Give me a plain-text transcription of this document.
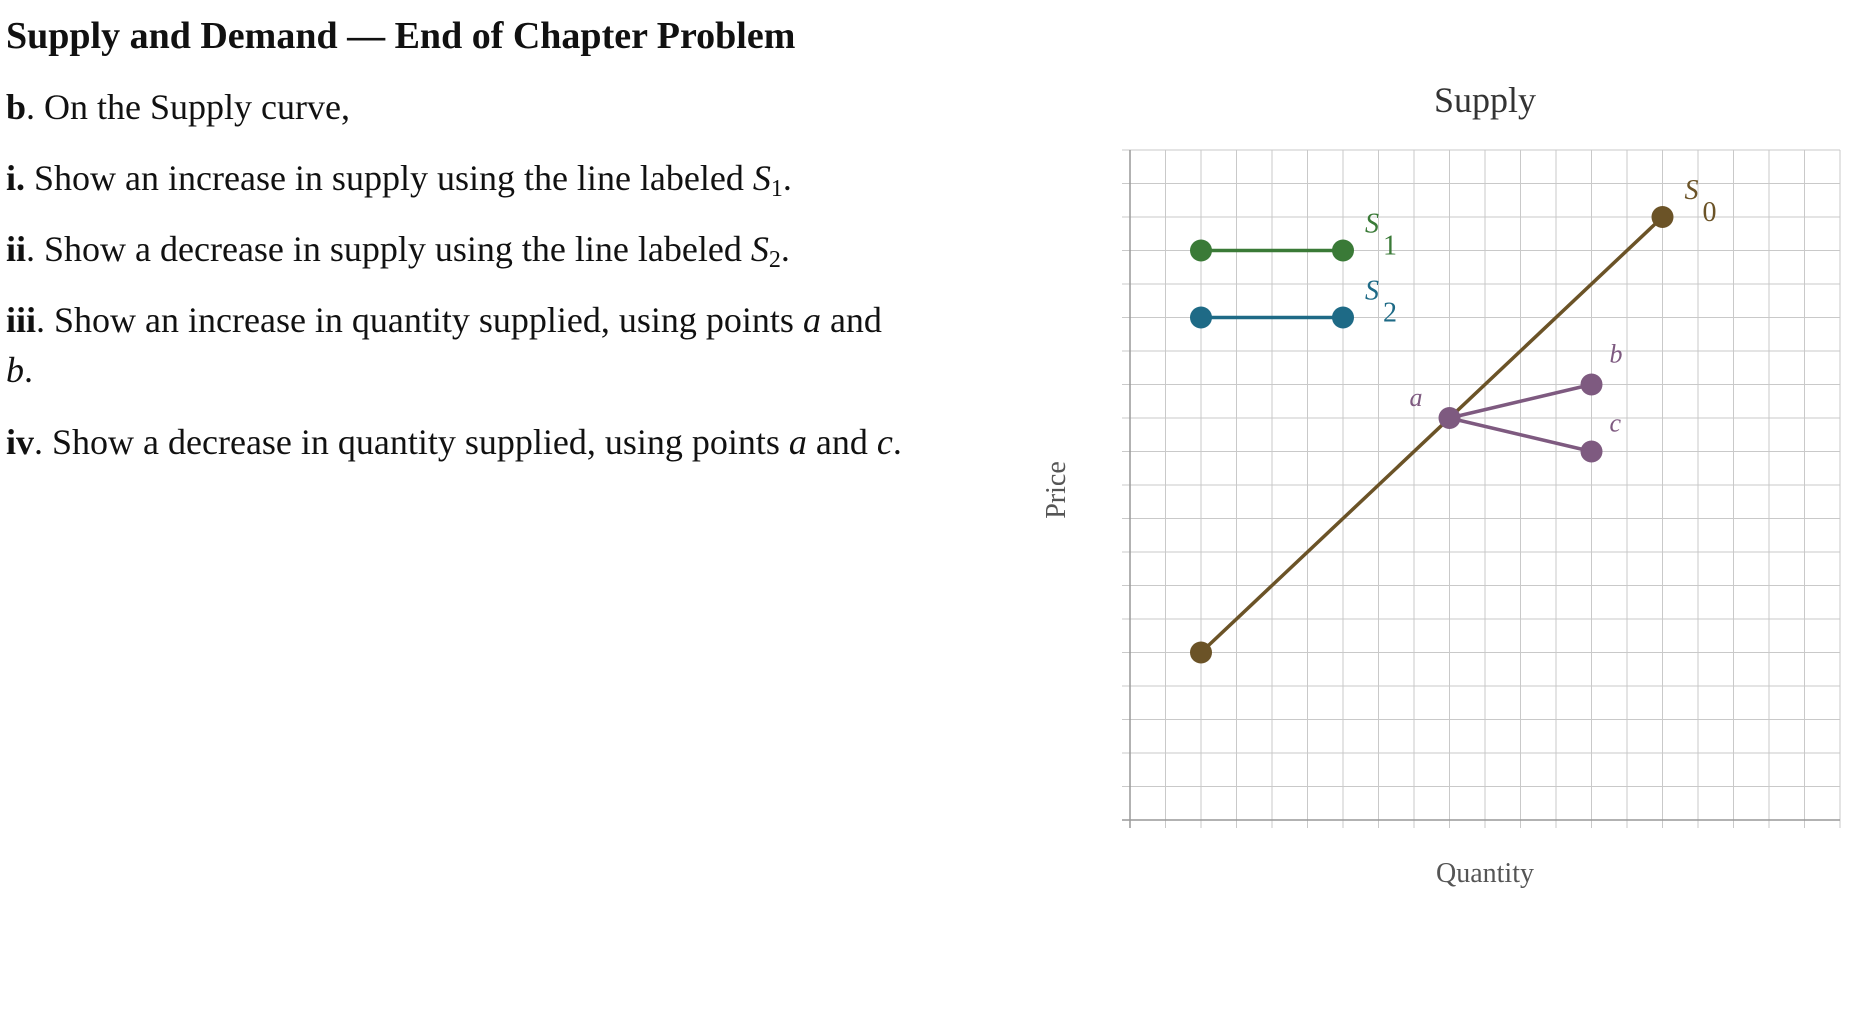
Supply and Demand — End of Chapter Problem

b. On the Supply curve,

i. Show an increase in supply using the line labeled $S_1$.

ii. Show a decrease in supply using the line labeled $S_2$.

iii. Show an increase in quantity supplied, using points a and b.

iv. Show a decrease in quantity supplied, using points a and c.

Supply
Quantity
Price
S0
S1
S2
a
b
c
